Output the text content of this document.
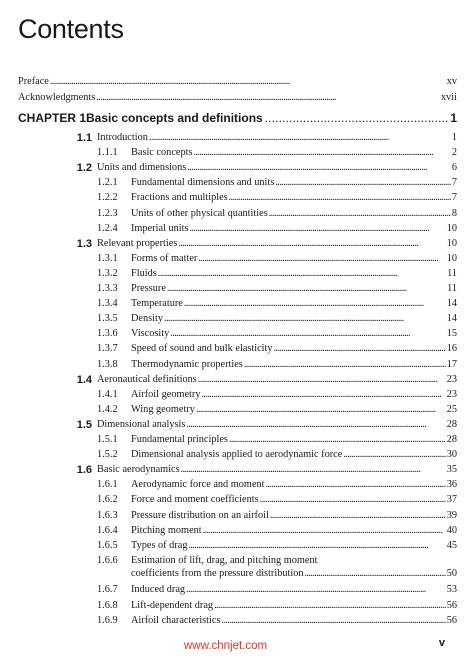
Contents
Preface . . .	xv
Acknowledgments . . .	xvii
CHAPTER 1 Basic concepts and definitions . . .	1
1.1 Introduction . . .	1
1.1.1 Basic concepts . . .	2
1.2 Units and dimensions . . .	6
1.2.1 Fundamental dimensions and units . . .	7
1.2.2 Fractions and multiples . . .	7
1.2.3 Units of other physical quantities . . .	8
1.2.4 Imperial units . . .	10
1.3 Relevant properties . . .	10
1.3.1 Forms of matter . . .	10
1.3.2 Fluids . . .	11
1.3.3 Pressure . . .	11
1.3.4 Temperature . . .	14
1.3.5 Density . . .	14
1.3.6 Viscosity . . .	15
1.3.7 Speed of sound and bulk elasticity . . .	16
1.3.8 Thermodynamic properties . . .	17
1.4 Aeronautical definitions . . .	23
1.4.1 Airfoil geometry . . .	23
1.4.2 Wing geometry . . .	25
1.5 Dimensional analysis . . .	28
1.5.1 Fundamental principles . . .	28
1.5.2 Dimensional analysis applied to aerodynamic force . . .	30
1.6 Basic aerodynamics . . .	35
1.6.1 Aerodynamic force and moment . . .	36
1.6.2 Force and moment coefficients . . .	37
1.6.3 Pressure distribution on an airfoil . . .	39
1.6.4 Pitching moment . . .	40
1.6.5 Types of drag . . .	45
1.6.6 Estimation of lift, drag, and pitching moment
coefficients from the pressure distribution . . .	50
1.6.7 Induced drag . . .	53
1.6.8 Lift-dependent drag . . .	56
1.6.9 Airfoil characteristics . . .	56
v
www.chnjet.com
